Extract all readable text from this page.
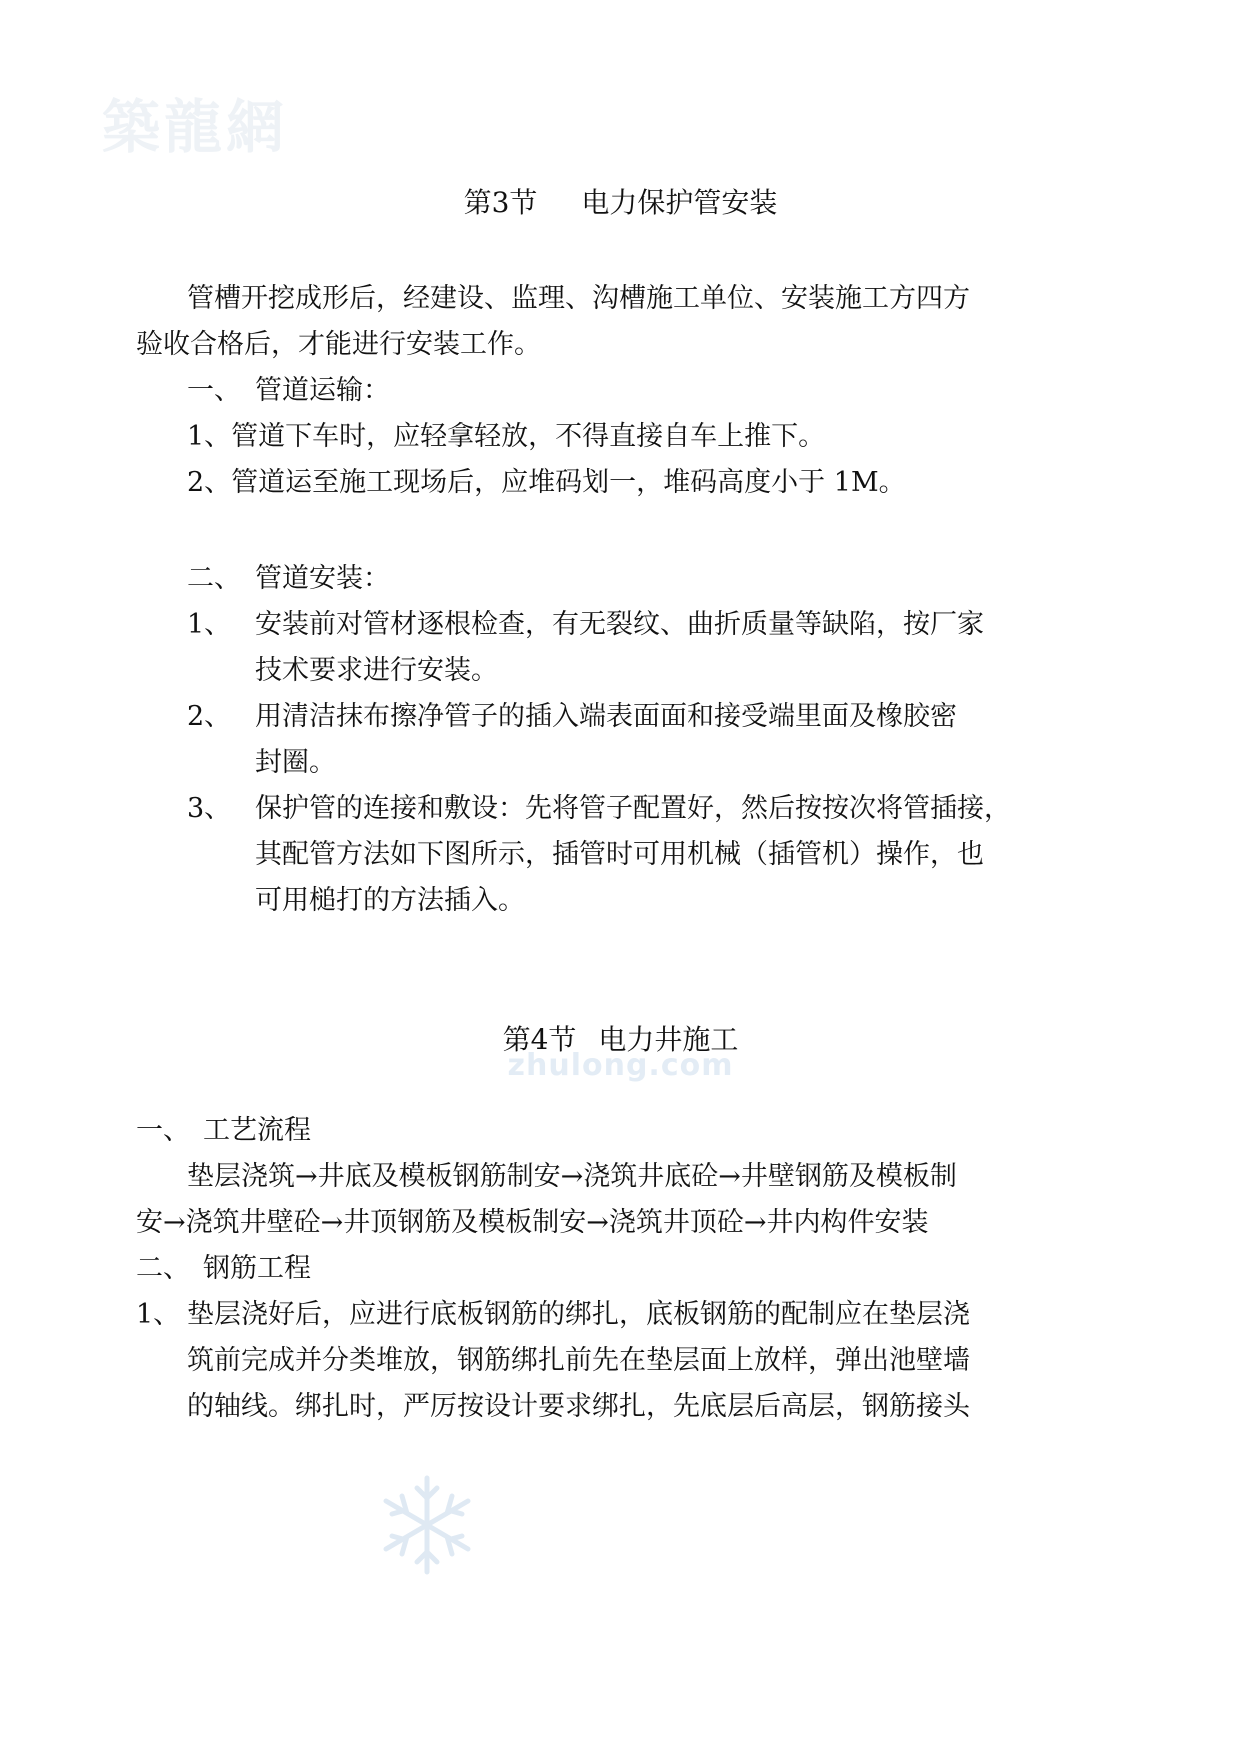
築龍網
zhulong.com
第3节 电力保护管安装
管槽开挖成形后，经建设、监理、沟槽施工单位、安装施工方四方
验收合格后，才能进行安装工作。
一、 管道运输：
1、管道下车时，应轻拿轻放，不得直接自车上推下。
2、管道运至施工现场后，应堆码划一，堆码高度小于 1M。
二、 管道安装：
1、 安装前对管材逐根检查，有无裂纹、曲折质量等缺陷，按厂家
技术要求进行安装。
2、 用清洁抹布擦净管子的插入端表面面和接受端里面及橡胶密
封圈。
3、 保护管的连接和敷设：先将管子配置好，然后按按次将管插接，
其配管方法如下图所示，插管时可用机械（插管机）操作，也
可用槌打的方法插入。
第4节 电力井施工
一、 工艺流程
垫层浇筑→井底及模板钢筋制安→浇筑井底砼→井壁钢筋及模板制
安→浇筑井壁砼→井顶钢筋及模板制安→浇筑井顶砼→井内构件安装
二、 钢筋工程
1、 垫层浇好后，应进行底板钢筋的绑扎，底板钢筋的配制应在垫层浇
筑前完成并分类堆放，钢筋绑扎前先在垫层面上放样，弹出池壁墙
的轴线。绑扎时，严厉按设计要求绑扎，先底层后高层，钢筋接头
